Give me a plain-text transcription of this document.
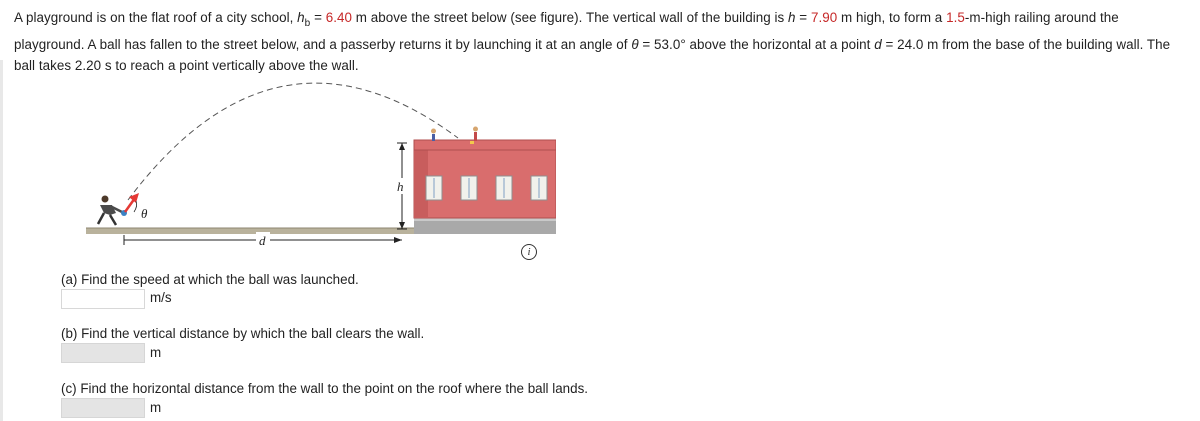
A playground is on the flat roof of a city school, $h_b = 6.40$ m above the street below (see figure). The vertical wall of the building is h = 7.90 m high, to form a 1.5-m-high railing around the playground. A ball has fallen to the street below, and a passerby returns it by launching it at an angle of θ = 53.0° above the horizontal at a point d = 24.0 m from the base of the building wall. The ball takes 2.20 s to reach a point vertically above the wall.
h
d
θ
i
(a) Find the speed at which the ball was launched.
m/s
(b) Find the vertical distance by which the ball clears the wall.
m
(c) Find the horizontal distance from the wall to the point on the roof where the ball lands.
m
